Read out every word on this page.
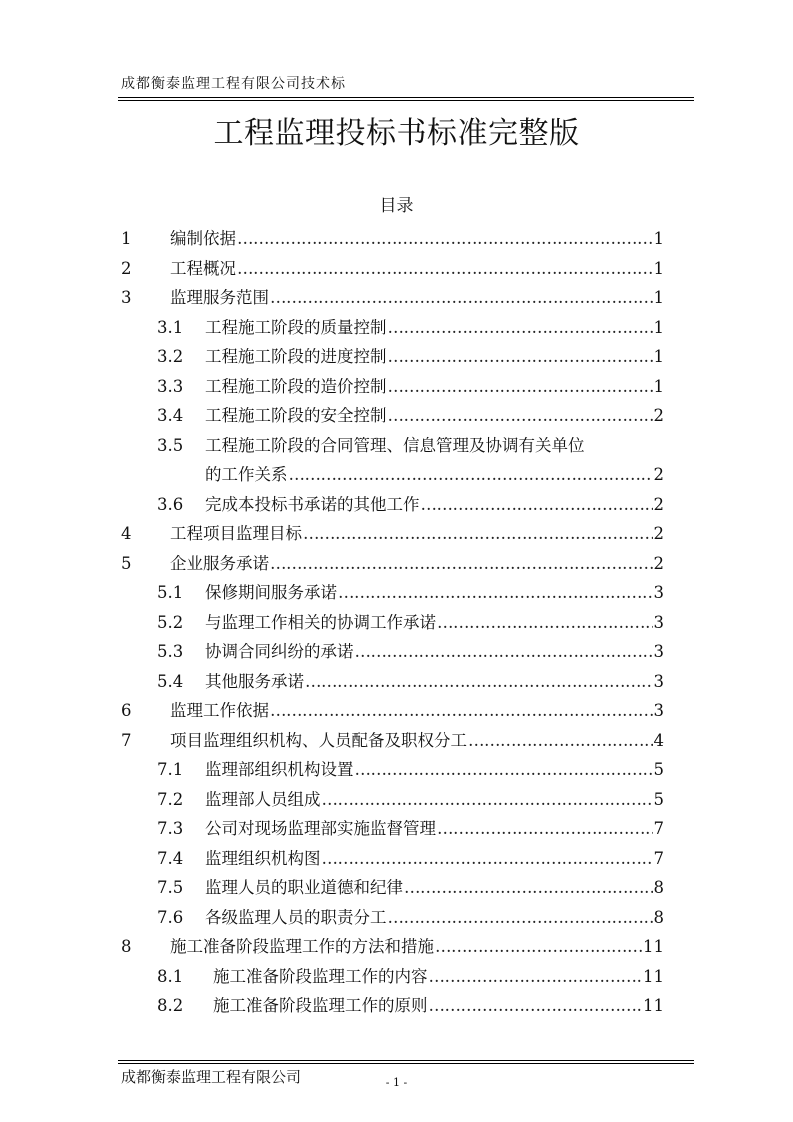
成都衡泰监理工程有限公司技术标
工程监理投标书标准完整版
目录
1 编制依据 ……………………………………………………………………………………………………………………………………………………………………	1
2 工程概况 ……………………………………………………………………………………………………………………………………………………………………	1
3 监理服务范围 ……………………………………………………………………………………………………………………………………………………………………	1
3.1 工程施工阶段的质量控制 ……………………………………………………………………………………………………………………………………………………………………	1
3.2 工程施工阶段的进度控制 ……………………………………………………………………………………………………………………………………………………………………	1
3.3 工程施工阶段的造价控制 ……………………………………………………………………………………………………………………………………………………………………	1
3.4 工程施工阶段的安全控制 ……………………………………………………………………………………………………………………………………………………………………	2
3.5 工程施工阶段的合同管理、信息管理及协调有关单位
的工作关系 ……………………………………………………………………………………………………………………………………………………………………	2
3.6 完成本投标书承诺的其他工作 ……………………………………………………………………………………………………………………………………………………………………	2
4 工程项目监理目标 ……………………………………………………………………………………………………………………………………………………………………	2
5 企业服务承诺 ……………………………………………………………………………………………………………………………………………………………………	2
5.1 保修期间服务承诺 ……………………………………………………………………………………………………………………………………………………………………	3
5.2 与监理工作相关的协调工作承诺 ……………………………………………………………………………………………………………………………………………………………………	3
5.3 协调合同纠纷的承诺 ……………………………………………………………………………………………………………………………………………………………………	3
5.4 其他服务承诺 ……………………………………………………………………………………………………………………………………………………………………	3
6 监理工作依据 ……………………………………………………………………………………………………………………………………………………………………	3
7 项目监理组织机构、人员配备及职权分工 ……………………………………………………………………………………………………………………………………………………………………	4
7.1 监理部组织机构设置 ……………………………………………………………………………………………………………………………………………………………………	5
7.2 监理部人员组成 ……………………………………………………………………………………………………………………………………………………………………	5
7.3 公司对现场监理部实施监督管理 ……………………………………………………………………………………………………………………………………………………………………	7
7.4 监理组织机构图 ……………………………………………………………………………………………………………………………………………………………………	7
7.5 监理人员的职业道德和纪律 ……………………………………………………………………………………………………………………………………………………………………	8
7.6 各级监理人员的职责分工 ……………………………………………………………………………………………………………………………………………………………………	8
8 施工准备阶段监理工作的方法和措施 ……………………………………………………………………………………………………………………………………………………………………	11
8.1 施工准备阶段监理工作的内容 ……………………………………………………………………………………………………………………………………………………………………	11
8.2 施工准备阶段监理工作的原则 ……………………………………………………………………………………………………………………………………………………………………	11
成都衡泰监理工程有限公司	- 1 -
